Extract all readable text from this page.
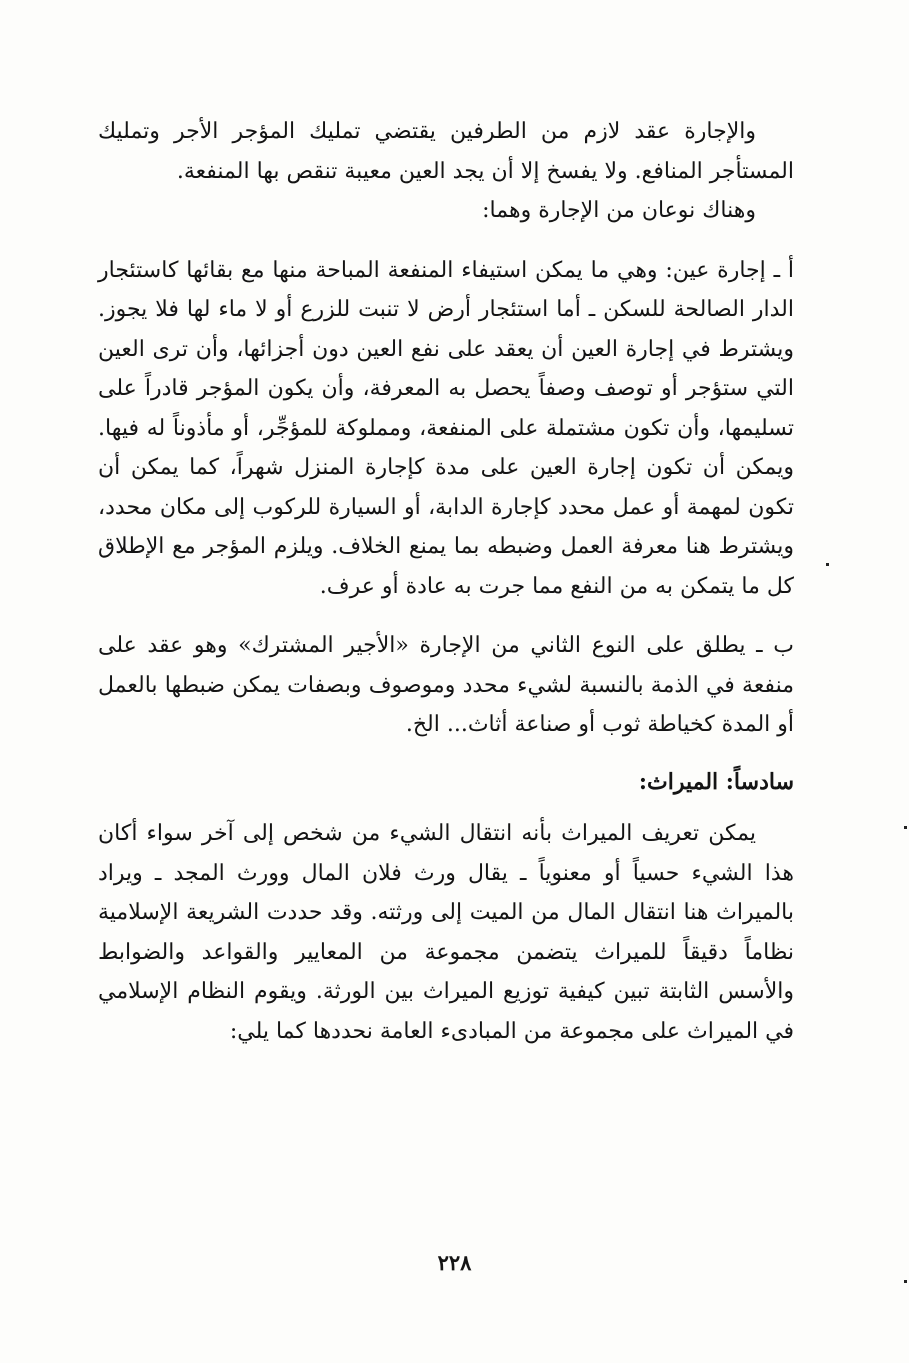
والإجارة عقد لازم من الطرفين يقتضي تمليك المؤجر الأجر وتمليك المستأجر المنافع. ولا يفسخ إلا أن يجد العين معيبة تنقص بها المنفعة.

وهناك نوعان من الإجارة وهما:

أ ـ إجارة عين: وهي ما يمكن استيفاء المنفعة المباحة منها مع بقائها كاستئجار الدار الصالحة للسكن ـ أما استئجار أرض لا تنبت للزرع أو لا ماء لها فلا يجوز. ويشترط في إجارة العين أن يعقد على نفع العين دون أجزائها، وأن ترى العين التي ستؤجر أو توصف وصفاً يحصل به المعرفة، وأن يكون المؤجر قادراً على تسليمها، وأن تكون مشتملة على المنفعة، ومملوكة للمؤجِّر، أو مأذوناً له فيها. ويمكن أن تكون إجارة العين على مدة كإجارة المنزل شهراً، كما يمكن أن تكون لمهمة أو عمل محدد كإجارة الدابة، أو السيارة للركوب إلى مكان محدد، ويشترط هنا معرفة العمل وضبطه بما يمنع الخلاف. ويلزم المؤجر مع الإطلاق كل ما يتمكن به من النفع مما جرت به عادة أو عرف.

ب ـ يطلق على النوع الثاني من الإجارة «الأجير المشترك» وهو عقد على منفعة في الذمة بالنسبة لشيء محدد وموصوف وبصفات يمكن ضبطها بالعمل أو المدة كخياطة ثوب أو صناعة أثاث... الخ.

سادساً: الميراث:

يمكن تعريف الميراث بأنه انتقال الشيء من شخص إلى آخر سواء أكان هذا الشيء حسياً أو معنوياً ـ يقال ورث فلان المال وورث المجد ـ ويراد بالميراث هنا انتقال المال من الميت إلى ورثته. وقد حددت الشريعة الإسلامية نظاماً دقيقاً للميراث يتضمن مجموعة من المعايير والقواعد والضوابط والأسس الثابتة تبين كيفية توزيع الميراث بين الورثة. ويقوم النظام الإسلامي في الميراث على مجموعة من المبادىء العامة نحددها كما يلي:

٢٢٨
